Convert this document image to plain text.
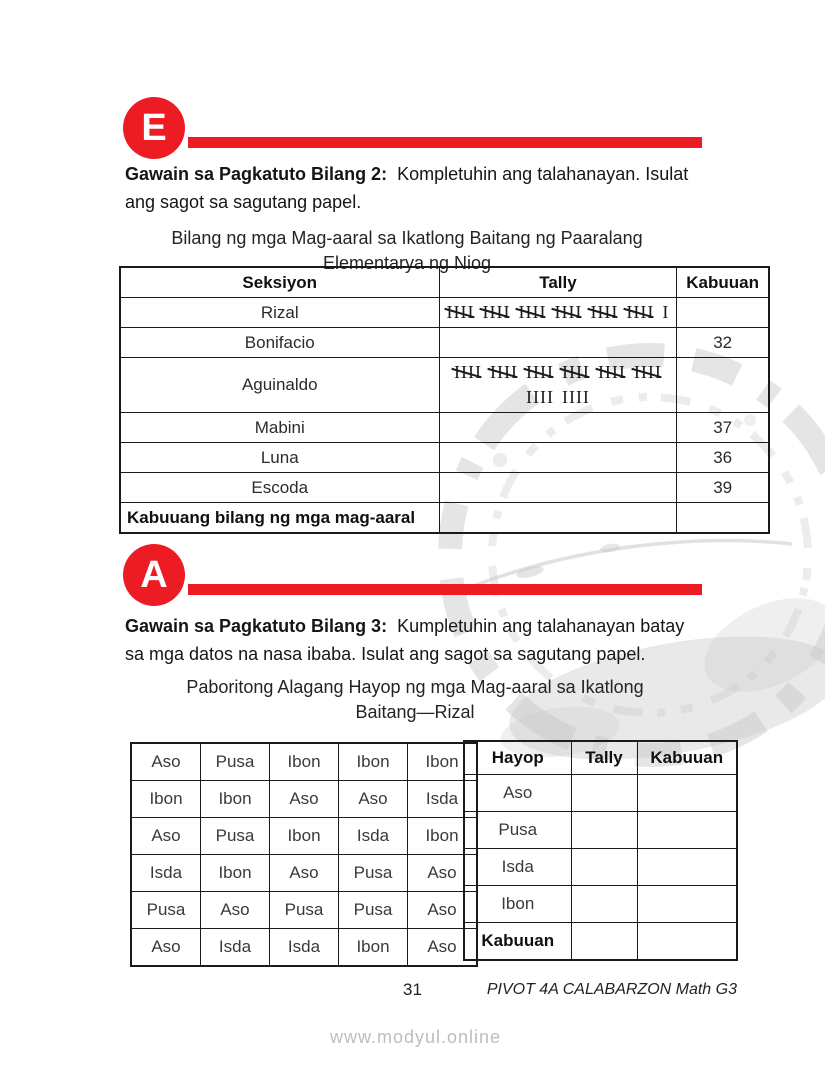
E
Gawain sa Pagkatuto Bilang 2: Kompletuhin ang talahanayan. Isulat
ang sagot sa sagutang papel.
Bilang ng mga Mag-aaral sa Ikatlong Baitang ng Paaralang
Elementarya ng Niog
Seksiyon	Tally	Kabuuan
Rizal	IIII IIII IIII IIII IIII IIII I	

Bonifacio		32
Aguinaldo	IIII IIII IIII IIII IIII IIII
IIII IIII	

Mabini		37
Luna		36
Escoda		39
Kabuuang bilang ng mga mag-aaral		
A
Gawain sa Pagkatuto Bilang 3: Kumpletuhin ang talahanayan batay
sa mga datos na nasa ibaba. Isulat ang sagot sa sagutang papel.
Paboritong Alagang Hayop ng mga Mag-aaral sa Ikatlong
Baitang—Rizal
Aso	Pusa	Ibon	Ibon	Ibon
Ibon	Ibon	Aso	Aso	Isda
Aso	Pusa	Ibon	Isda	Ibon
Isda	Ibon	Aso	Pusa	Aso
Pusa	Aso	Pusa	Pusa	Aso
Aso	Isda	Isda	Ibon	Aso
Hayop	Tally	Kabuuan
Aso		
Pusa		
Isda		
Ibon		
Kabuuan		
31	PIVOT 4A CALABARZON Math G3
www.modyul.online
